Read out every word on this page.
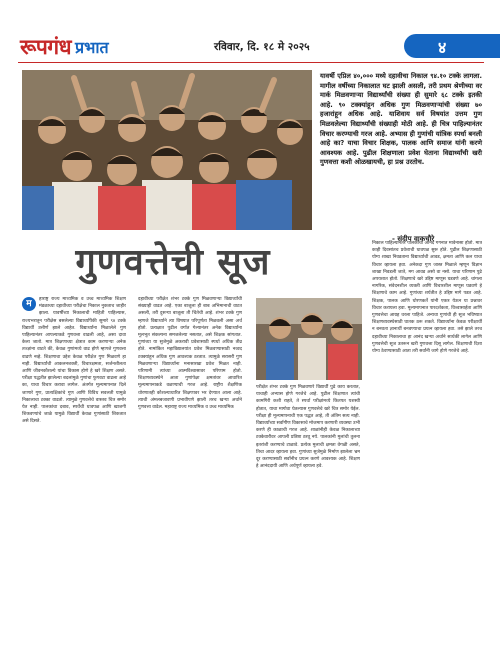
रूपगंध प्रभात	रविवार, दि. १८ मे २०२५	४
यावर्षी एप्रिल ४०,००० मध्ये दहावीचा निकाल ९४.१० टक्के लागला. मागील वर्षीच्या निकालात घट झाली असली, तरी प्रथम श्रेणीच्या वर मार्क मिळवणाऱ्या विद्यार्थ्यांची संख्या ही सुमारे ६८ टक्के इतकी आहे. ९० टक्क्यांहून अधिक गुण मिळवणाऱ्यांची संख्या ७० हजारांहून अधिक आहे. याशिवाय सर्व विषयांत उत्तम गुण मिळवलेल्या विद्यार्थ्यांची संख्याही मोठी आहे. ही चित्र पाहिल्यानंतर विचार करण्याची गरज आहे. अभ्यास ही गुणांची यांत्रिक स्पर्धा बनली आहे का? याचा विचार शिक्षक, पालक आणि समाज यांनी करणे आवश्यक आहे. पुढील शिक्षणाला प्रवेश घेताना विद्यार्थ्यांची खरी गुणवत्ता कशी ओळखायची, हा प्रश्न उरतोच.
- संदीप वाकचौरे
गुणवत्तेची सूज
म	हाराष्ट्र राज्य माध्यमिक व उच्च माध्यमिक शिक्षण मंडळाच्या दहावीच्या परीक्षेचा निकाल नुकताच जाहीर झाला. यावर्षीच्या निकालाची माहिती पाहिल्यास, राज्यभरातून परीक्षेस बसलेल्या विद्यार्थ्यांपैकी सुमारे ९४ टक्के विद्यार्थी उत्तीर्ण झाले आहेत. विद्यार्थ्यांना मिळालेले गुण पाहिल्यानंतर आपल्याकडे गुणवत्ता वाढली आहे, असा दावा केला जातो. मात्र शिक्षणाच्या क्षेत्रात काम करणाऱ्या अनेक तज्ज्ञांना वाटते की, केवळ गुणांमध्ये वाढ होणे म्हणजे गुणवत्ता वाढणे नव्हे. शिक्षणाचा उद्देश केवळ परीक्षेत गुण मिळवणे हा नाही. विद्यार्थ्यांची आकलनशक्ती, विचारक्षमता, सर्जनशीलता आणि जीवनकौशल्ये यांचा विकास होणे हे खरे शिक्षण असते. परीक्षा पद्धतीत झालेल्या बदलांमुळे गुणांचा फुगवटा वाढला आहे का, याचा विचार करावा लागेल. अंतर्गत मूल्यमापनात दिले जाणारे गुण, प्रात्यक्षिकांचे गुण आणि विविध सवलती यामुळे निकालाचा टक्का वाढतो. त्यामुळे गुणवत्तेचे वास्तव चित्र समोर येत नाही. पालकांचा दबाव, स्पर्धेची धावपळ आणि खाजगी शिकवण्यांचे जाळे यामुळे विद्यार्थी केवळ गुणांसाठी शिकतात असे दिसते.
दहावीच्या परीक्षेत शंभर टक्के गुण मिळवणाऱ्या विद्यार्थ्यांची संख्याही वाढत आहे. एका बाजूला ही बाब अभिमानाची वाटत असली, तरी दुसऱ्या बाजूला ती चिंतेची आहे. शंभर टक्के गुण म्हणजे विद्यार्थ्याने त्या विषयात परिपूर्णता मिळवली असा अर्थ होतो. प्रत्यक्षात पुढील वर्गात गेल्यानंतर अनेक विद्यार्थ्यांना मूलभूत संकल्पना समजलेल्या नसतात, असे शिक्षक सांगतात. गुणांच्या या सुजेमुळे अकरावी प्रवेशासाठी स्पर्धा अधिक तीव्र होते. नामांकित महाविद्यालयांत प्रवेश मिळवण्यासाठी नव्वद टक्क्यांहून अधिक गुण आवश्यक ठरतात. त्यामुळे सरासरी गुण मिळवणाऱ्या विद्यार्थ्यांना मनासारखा प्रवेश मिळत नाही. परिणामी त्यांच्या आत्मविश्वासावर परिणाम होतो. शिक्षणव्यवस्थेने आता गुणांपेक्षा क्षमतांवर आधारित मूल्यमापनाकडे वळण्याची गरज आहे. राष्ट्रीय शैक्षणिक धोरणातही कौशल्याधारित शिक्षणावर भर देण्यात आला आहे. त्याची अंमलबजावणी प्रभावीपणे झाली तरच खऱ्या अर्थाने गुणवत्ता वाढेल. महाराष्ट्र राज्य माध्यमिक व उच्च माध्यमिक
परीक्षेत शंभर टक्के गुण मिळवणारे विद्यार्थी पुढे काय करतात, याचाही अभ्यास होणे गरजेचे आहे. पुढील शिक्षणात त्यांची कामगिरी कशी राहते, ते स्पर्धा परीक्षांमध्ये कितपत यशस्वी होतात, याचा मागोवा घेतल्यास गुणवत्तेचे खरे चित्र समोर येईल. परीक्षा ही मूल्यमापनाची एक पद्धत आहे, ती अंतिम सत्य नाही. विद्यार्थ्यांच्या सर्वांगीण विकासाचे मोजमाप करणारी व्यवस्था उभी करणे ही काळाची गरज आहे. शाळांनीही केवळ निकालाच्या टक्केवारीवर आपली प्रतिष्ठा ठरवू नये. पालकांनी मुलांची तुलना इतरांशी करण्याचे टाळावे. प्रत्येक मुलाची क्षमता वेगळी असते, तिचा आदर व्हायला हवा. गुणांच्या सुजेमुळे निर्माण झालेला भ्रम दूर करण्यासाठी सर्वांनीच प्रयत्न करणे आवश्यक आहे. शिक्षण हे आनंददायी आणि अर्थपूर्ण व्हायला हवे.
निकाल पाहिल्यानंतर पालकांचा आनंद गगनात मावेनासा होतो. मात्र काही दिवसांतच प्रवेशाची धावपळ सुरू होते. पुढील शिक्षणासाठी योग्य शाखा निवडताना विद्यार्थ्याची आवड, क्षमता आणि कल याचा विचार व्हायला हवा. अनेकदा गुण जास्त मिळाले म्हणून विज्ञान शाखा निवडली जाते, मग आवड असो वा नसो. याचा परिणाम पुढे अपयशात होतो. शिक्षणाचे खरे उद्दिष्ट माणूस घडवणे आहे. चांगला नागरिक, संवेदनशील व्यक्ती आणि विचारशील माणूस घडवणे हे शिक्षणाचे काम आहे. गुणांच्या शर्यतीत हे उद्दिष्ट मागे पडत आहे. शिक्षक, पालक आणि धोरणकर्ते यांनी एकत्र येऊन या प्रश्नावर विचार करायला हवा. मूल्यमापनात पारदर्शकता, विश्वासार्हता आणि गुणवत्तेचा आग्रह धरला पाहिजे. अन्यथा गुणांची ही सूज भविष्यात शिक्षणव्यवस्थेसाठी घातक ठरू शकते. विद्यार्थ्यांना केवळ परीक्षार्थी न बनवता ज्ञानार्थी बनवण्याचा प्रयत्न व्हायला हवा. तसे झाले तरच दहावीच्या निकालाचा हा आनंद खऱ्या अर्थाने सार्थकी लागेल आणि गुणवत्तेची सूज उतरून खरी गुणवत्ता दिसू लागेल. शिक्षणाची दिशा योग्य ठेवण्यासाठी आता तरी सर्वांनी जागे होणे गरजेचे आहे.
